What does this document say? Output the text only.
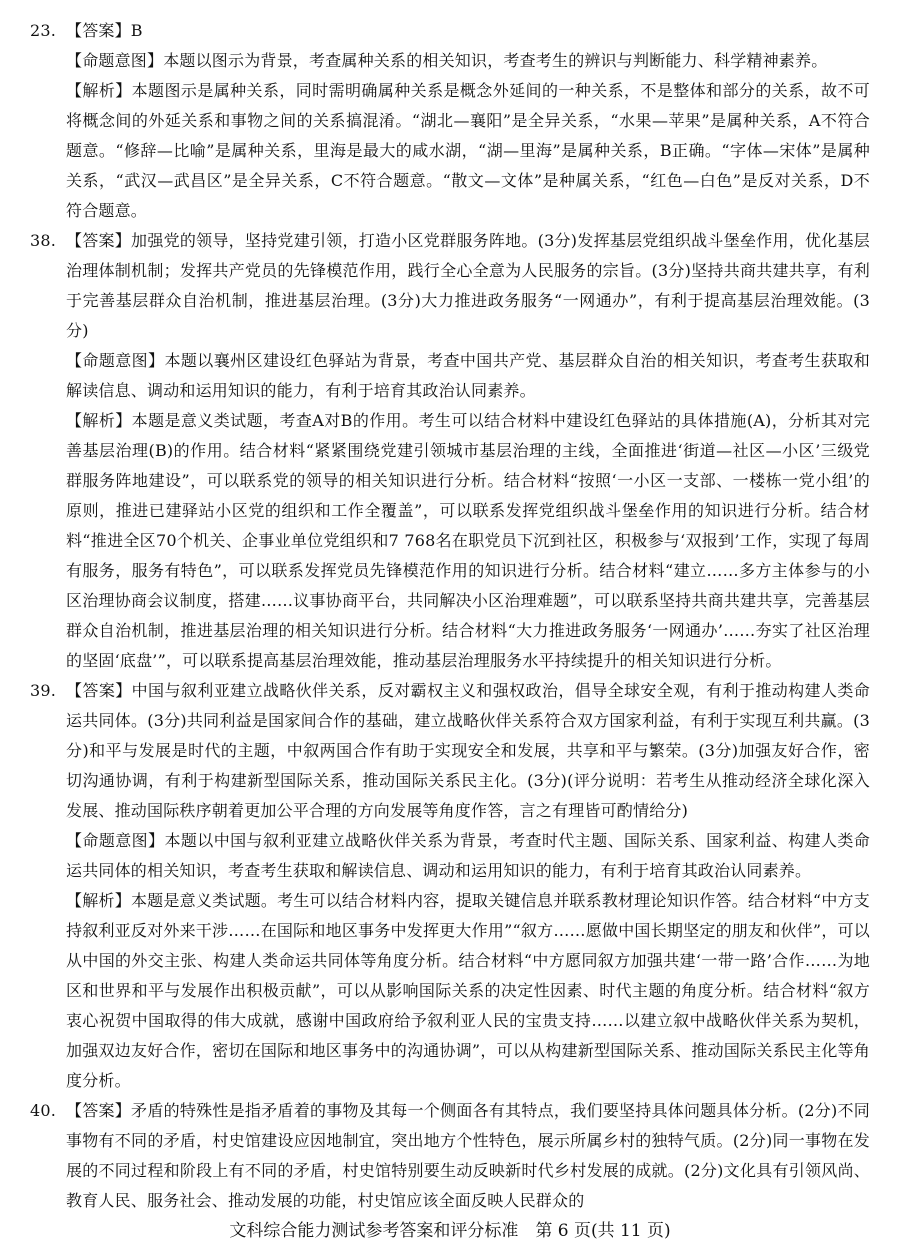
23. 【答案】B
【命题意图】本题以图示为背景，考查属种关系的相关知识，考查考生的辨识与判断能力、科学精神素养。
【解析】本题图示是属种关系，同时需明确属种关系是概念外延间的一种关系，不是整体和部分的关系，故不可将概念间的外延关系和事物之间的关系搞混淆。“湖北—襄阳”是全异关系，“水果—苹果”是属种关系，A不符合题意。“修辞—比喻”是属种关系，里海是最大的咸水湖，“湖—里海”是属种关系，B正确。“字体—宋体”是属种关系，“武汉—武昌区”是全异关系，C不符合题意。“散文—文体”是种属关系，“红色—白色”是反对关系，D不符合题意。
38. 【答案】加强党的领导，坚持党建引领，打造小区党群服务阵地。(3分)发挥基层党组织战斗堡垒作用，优化基层治理体制机制；发挥共产党员的先锋模范作用，践行全心全意为人民服务的宗旨。(3分)坚持共商共建共享，有利于完善基层群众自治机制，推进基层治理。(3分)大力推进政务服务“一网通办”，有利于提高基层治理效能。(3分)
【命题意图】本题以襄州区建设红色驿站为背景，考查中国共产党、基层群众自治的相关知识，考查考生获取和解读信息、调动和运用知识的能力，有利于培育其政治认同素养。
【解析】本题是意义类试题，考查A对B的作用。考生可以结合材料中建设红色驿站的具体措施(A)，分析其对完善基层治理(B)的作用。结合材料“紧紧围绕党建引领城市基层治理的主线，全面推进‘街道—社区—小区’三级党群服务阵地建设”，可以联系党的领导的相关知识进行分析。结合材料“按照‘一小区一支部、一楼栋一党小组’的原则，推进已建驿站小区党的组织和工作全覆盖”，可以联系发挥党组织战斗堡垒作用的知识进行分析。结合材料“推进全区70个机关、企事业单位党组织和7 768名在职党员下沉到社区，积极参与‘双报到’工作，实现了每周有服务，服务有特色”，可以联系发挥党员先锋模范作用的知识进行分析。结合材料“建立……多方主体参与的小区治理协商会议制度，搭建……议事协商平台，共同解决小区治理难题”，可以联系坚持共商共建共享，完善基层群众自治机制，推进基层治理的相关知识进行分析。结合材料“大力推进政务服务‘一网通办’……夯实了社区治理的坚固‘底盘’”，可以联系提高基层治理效能，推动基层治理服务水平持续提升的相关知识进行分析。
39. 【答案】中国与叙利亚建立战略伙伴关系，反对霸权主义和强权政治，倡导全球安全观，有利于推动构建人类命运共同体。(3分)共同利益是国家间合作的基础，建立战略伙伴关系符合双方国家利益，有利于实现互利共赢。(3分)和平与发展是时代的主题，中叙两国合作有助于实现安全和发展，共享和平与繁荣。(3分)加强友好合作，密切沟通协调，有利于构建新型国际关系，推动国际关系民主化。(3分)(评分说明：若考生从推动经济全球化深入发展、推动国际秩序朝着更加公平合理的方向发展等角度作答，言之有理皆可酌情给分)
【命题意图】本题以中国与叙利亚建立战略伙伴关系为背景，考查时代主题、国际关系、国家利益、构建人类命运共同体的相关知识，考查考生获取和解读信息、调动和运用知识的能力，有利于培育其政治认同素养。
【解析】本题是意义类试题。考生可以结合材料内容，提取关键信息并联系教材理论知识作答。结合材料“中方支持叙利亚反对外来干涉……在国际和地区事务中发挥更大作用”“叙方……愿做中国长期坚定的朋友和伙伴”，可以从中国的外交主张、构建人类命运共同体等角度分析。结合材料“中方愿同叙方加强共建‘一带一路’合作……为地区和世界和平与发展作出积极贡献”，可以从影响国际关系的决定性因素、时代主题的角度分析。结合材料“叙方衷心祝贺中国取得的伟大成就，感谢中国政府给予叙利亚人民的宝贵支持……以建立叙中战略伙伴关系为契机，加强双边友好合作，密切在国际和地区事务中的沟通协调”，可以从构建新型国际关系、推动国际关系民主化等角度分析。
40. 【答案】矛盾的特殊性是指矛盾着的事物及其每一个侧面各有其特点，我们要坚持具体问题具体分析。(2分)不同事物有不同的矛盾，村史馆建设应因地制宜，突出地方个性特色，展示所属乡村的独特气质。(2分)同一事物在发展的不同过程和阶段上有不同的矛盾，村史馆特别要生动反映新时代乡村发展的成就。(2分)文化具有引领风尚、教育人民、服务社会、推动发展的功能，村史馆应该全面反映人民群众的
文科综合能力测试参考答案和评分标准　第 6 页(共 11 页)
